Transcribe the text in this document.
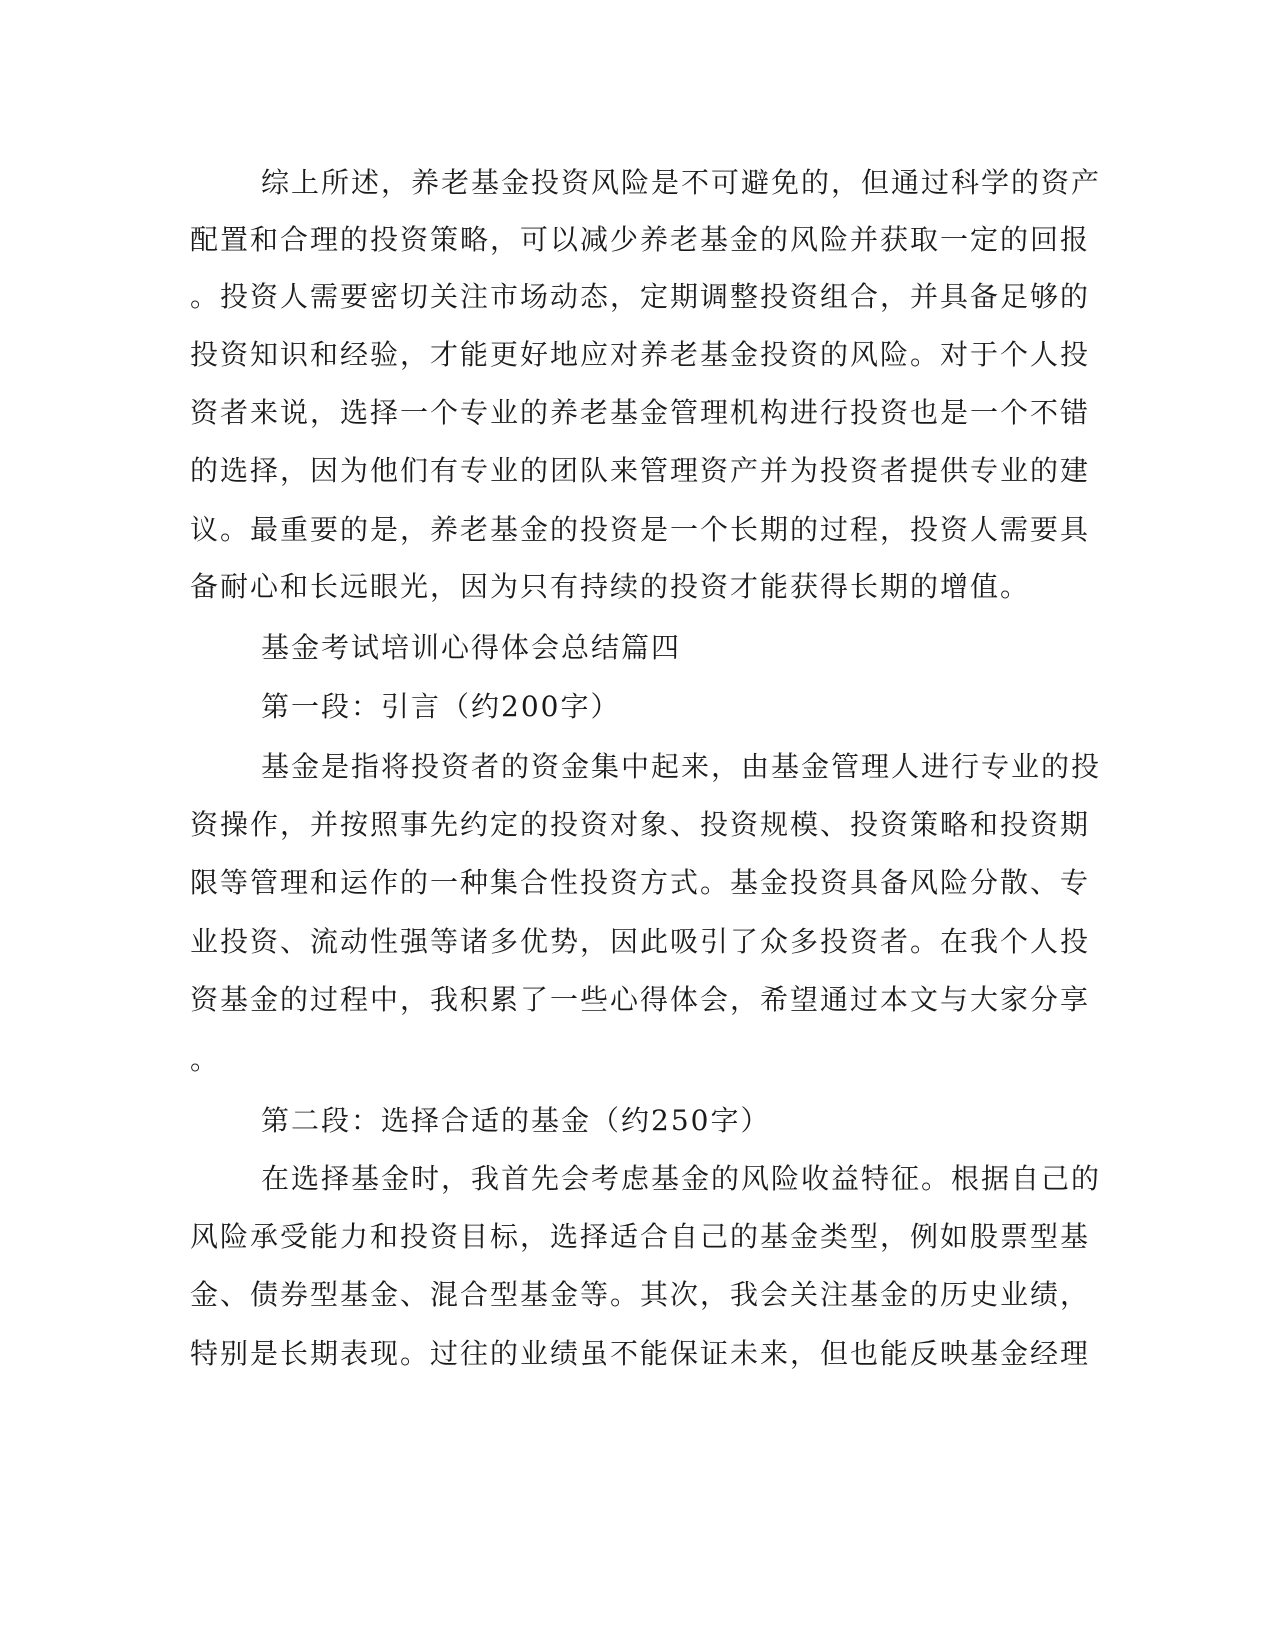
综上所述，养老基金投资风险是不可避免的，但通过科学的资产
配置和合理的投资策略，可以减少养老基金的风险并获取一定的回报
。投资人需要密切关注市场动态，定期调整投资组合，并具备足够的
投资知识和经验，才能更好地应对养老基金投资的风险。对于个人投
资者来说，选择一个专业的养老基金管理机构进行投资也是一个不错
的选择，因为他们有专业的团队来管理资产并为投资者提供专业的建
议。最重要的是，养老基金的投资是一个长期的过程，投资人需要具
备耐心和长远眼光，因为只有持续的投资才能获得长期的增值。
基金考试培训心得体会总结篇四
第一段：引言（约200字）
基金是指将投资者的资金集中起来，由基金管理人进行专业的投
资操作，并按照事先约定的投资对象、投资规模、投资策略和投资期
限等管理和运作的一种集合性投资方式。基金投资具备风险分散、专
业投资、流动性强等诸多优势，因此吸引了众多投资者。在我个人投
资基金的过程中，我积累了一些心得体会，希望通过本文与大家分享
。
第二段：选择合适的基金（约250字）
在选择基金时，我首先会考虑基金的风险收益特征。根据自己的
风险承受能力和投资目标，选择适合自己的基金类型，例如股票型基
金、债券型基金、混合型基金等。其次，我会关注基金的历史业绩，
特别是长期表现。过往的业绩虽不能保证未来，但也能反映基金经理
